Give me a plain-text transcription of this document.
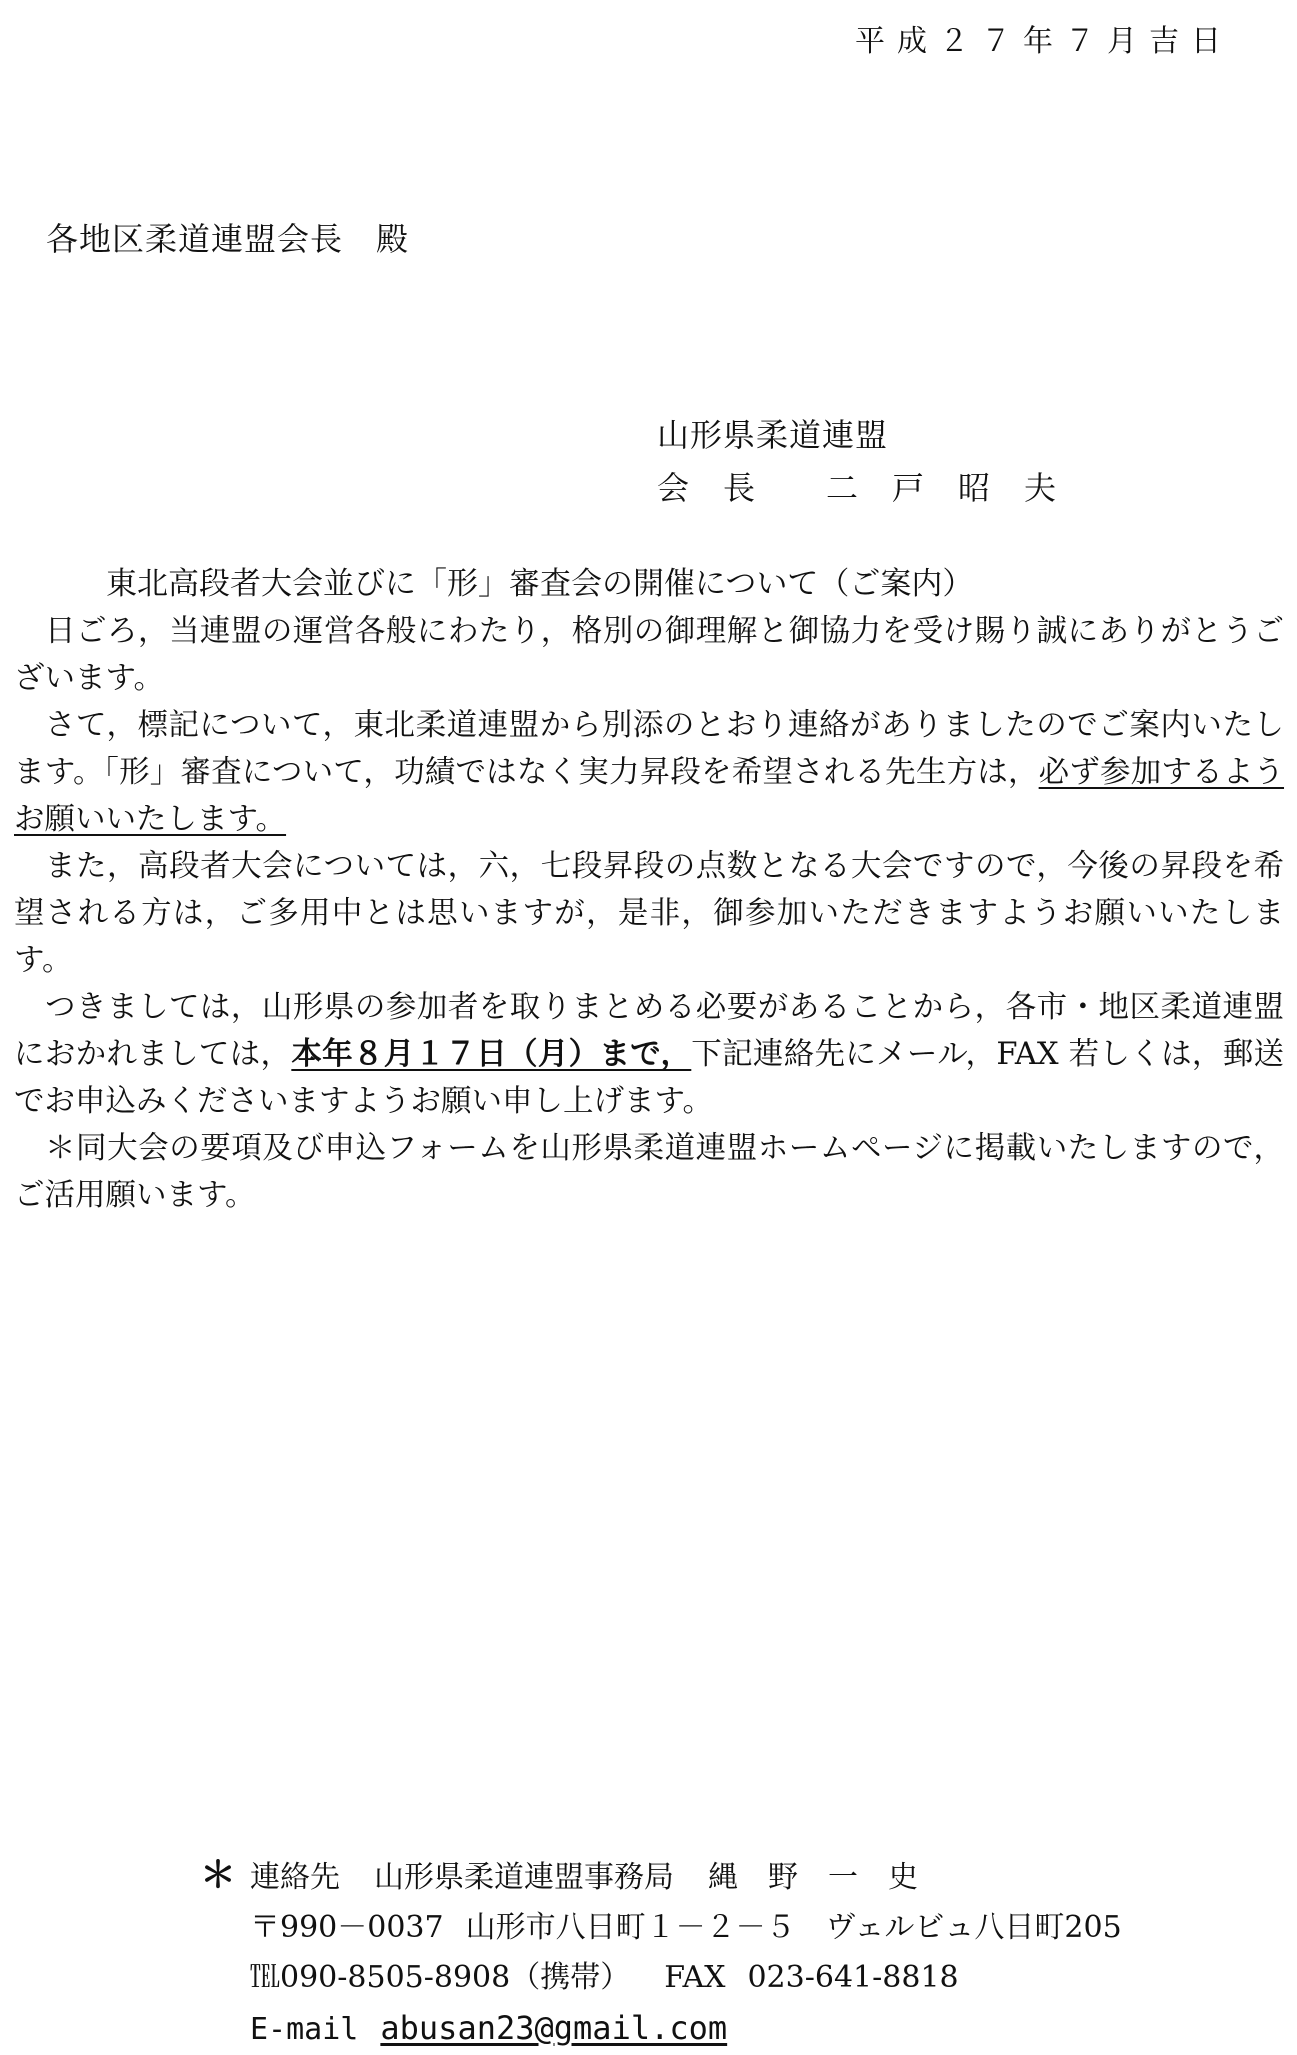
平成２７年７月吉日
各地区柔道連盟会長　殿
山形県柔道連盟
会　長 二　戸　昭　夫
東北高段者大会並びに「形」審査会の開催について（ご案内）

日ごろ，当連盟の運営各般にわたり，格別の御理解と御協力を受け賜り誠にありがとうございます。

さて，標記について，東北柔道連盟から別添のとおり連絡がありましたのでご案内いたします。「形」審査について，功績ではなく実力昇段を希望される先生方は，必ず参加するようお願いいたします。

また，高段者大会については，六，七段昇段の点数となる大会ですので，今後の昇段を希望される方は，ご多用中とは思いますが，是非，御参加いただきますようお願いいたします。

つきましては，山形県の参加者を取りまとめる必要があることから，各市・地区柔道連盟におかれましては，本年８月１７日（月）まで，下記連絡先にメール，FAX 若しくは，郵送でお申込みくださいますようお願い申し上げます。

＊同大会の要項及び申込フォームを山形県柔道連盟ホームページに掲載いたしますので，ご活用願います。

＊ 連絡先 山形県柔道連盟事務局 縄　野　一　史
〒990－0037 山形市八日町１－２－５　ヴェルビュ八日町205
℡090‐8505‐8908（携帯） FAX 023‐641‐8818
E-mail abusan23@gmail.com
